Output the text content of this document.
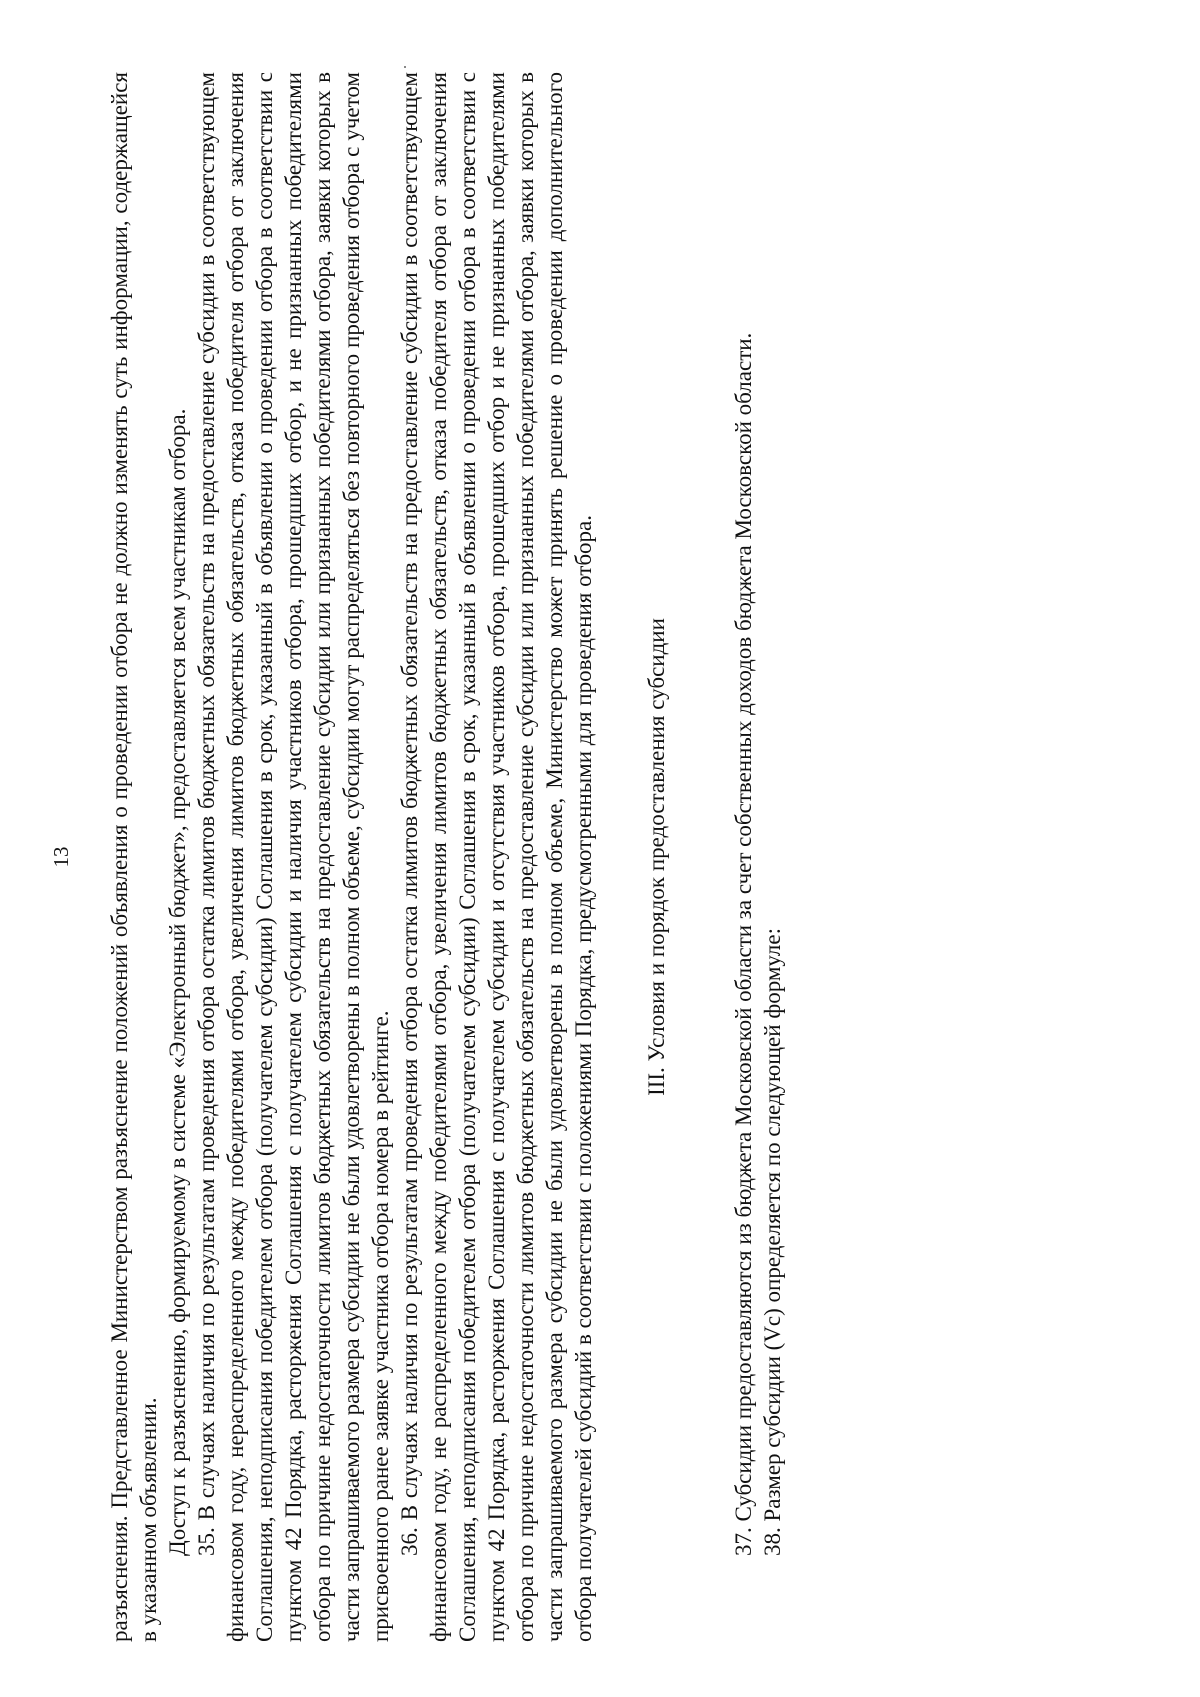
13 разъяснения. Представленное Министерством разъяснение положений объявления о проведении отбора не должно изменять суть информации, содержащейся в указанном объявлении. Доступ к разъяснению, формируемому в системе «Электронный бюджет», предоставляется всем участникам отбора. 35. В случаях наличия по результатам проведения отбора остатка лимитов бюджетных обязательств на предоставление субсидии в соответствующем финансовом году, нераспределенного между победителями отбора, увеличения лимитов бюджетных обязательств, отказа победителя отбора от заключения Соглашения, неподписания победителем отбора (получателем субсидии) Соглашения в срок, указанный в объявлении о проведении отбора в соответствии с пунктом 42 Порядка, расторжения Соглашения с получателем субсидии и наличия участников отбора, прошедших отбор, и не признанных победителями отбора по причине недостаточности лимитов бюджетных обязательств на предоставление субсидии или признанных победителями отбора, заявки которых в части запрашиваемого размера субсидии не были удовлетворены в полном объеме, субсидии могут распределяться без повторного проведения отбора с учетом присвоенного ранее заявке участника отбора номера в рейтинге. 36. В случаях наличия по результатам проведения отбора остатка лимитов бюджетных обязательств на предоставление субсидии в соответствующем финансовом году, не распределенного между победителями отбора, увеличения лимитов бюджетных обязательств, отказа победителя отбора от заключения Соглашения, неподписания победителем отбора (получателем субсидии) Соглашения в срок, указанный в объявлении о проведении отбора в соответствии с пунктом 42 Порядка, расторжения Соглашения с получателем субсидии и отсутствия участников отбора, прошедших отбор и не признанных победителями отбора по причине недостаточности лимитов бюджетных обязательств на предоставление субсидии или признанных победителями отбора, заявки которых в части запрашиваемого размера субсидии не были удовлетворены в полном объеме, Министерство может принять решение о проведении дополнительного отбора получателей субсидий в соответствии с положениями Порядка, предусмотренными для проведения отбора. III. Условия и порядок предоставления субсидии	37. Субсидии предоставляются из бюджета Московской области за счет собственных доходов бюджета Московской области. 38. Размер субсидии (Vc) определяется по следующей формуле:
